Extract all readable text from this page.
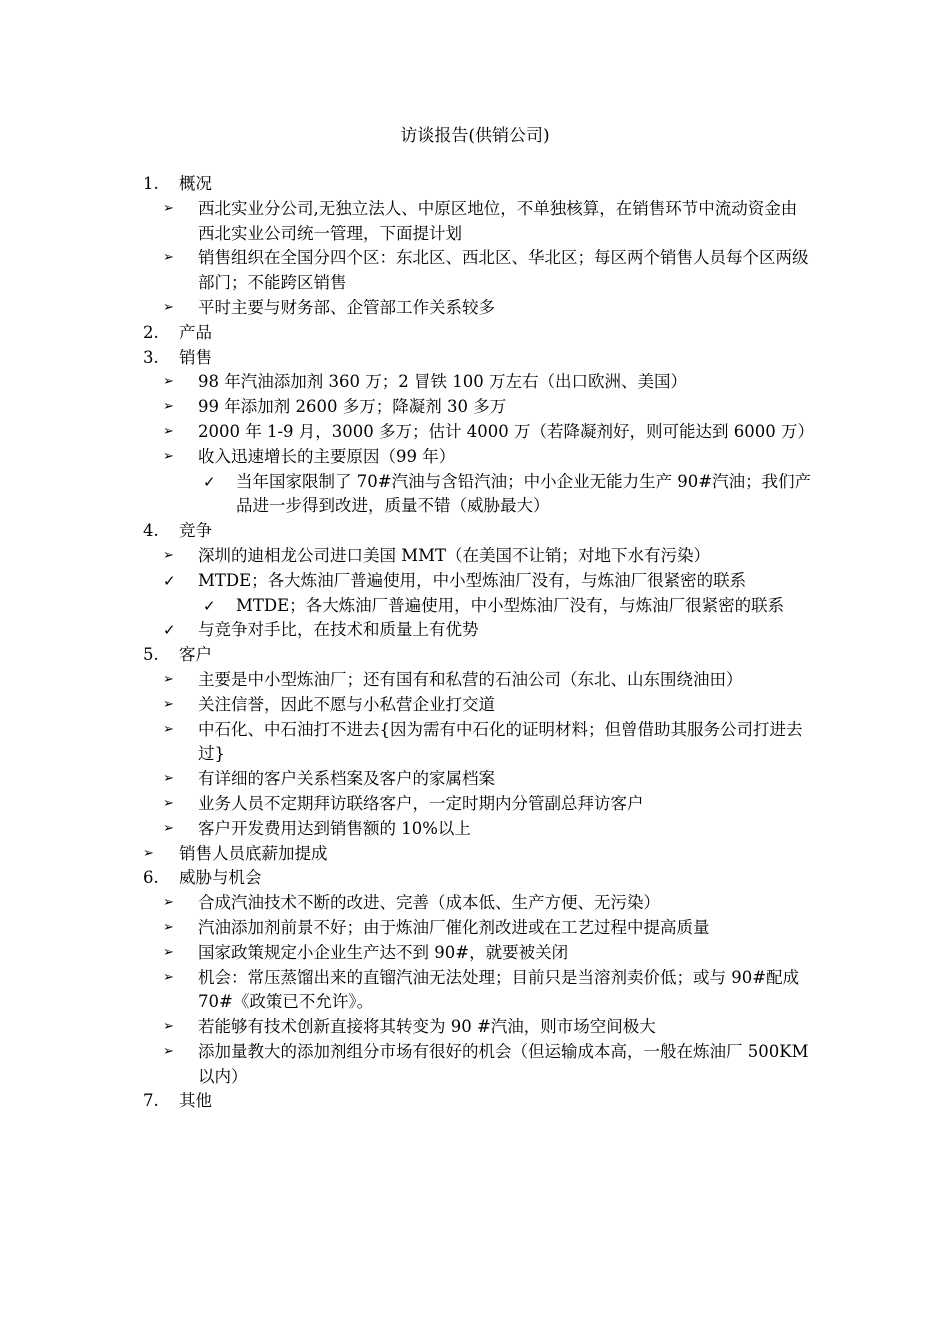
访谈报告(供销公司)
1. 概况
➢ 西北实业分公司,无独立法人、中原区地位，不单独核算，在销售环节中流动资金由西北实业公司统一管理，下面提计划
➢ 销售组织在全国分四个区：东北区、西北区、华北区；每区两个销售人员每个区两级部门；不能跨区销售
➢ 平时主要与财务部、企管部工作关系较多
2. 产品
3. 销售
➢ 98 年汽油添加剂 360 万；2 冒铁 100 万左右（出口欧洲、美国）
➢ 99 年添加剂 2600 多万；降凝剂 30 多万
➢ 2000 年 1-9 月，3000 多万；估计 4000 万（若降凝剂好，则可能达到 6000 万）
➢ 收入迅速增长的主要原因（99 年）
✓ 当年国家限制了 70#汽油与含铅汽油；中小企业无能力生产 90#汽油；我们产品进一步得到改进，质量不错（威胁最大）
4. 竞争
➢ 深圳的迪相龙公司进口美国 MMT（在美国不让销；对地下水有污染）
✓ MTDE；各大炼油厂普遍使用，中小型炼油厂没有，与炼油厂很紧密的联系
✓ MTDE；各大炼油厂普遍使用，中小型炼油厂没有，与炼油厂很紧密的联系
✓ 与竞争对手比，在技术和质量上有优势
5. 客户
➢ 主要是中小型炼油厂；还有国有和私营的石油公司（东北、山东围绕油田）
➢ 关注信誉，因此不愿与小私营企业打交道
➢ 中石化、中石油打不进去{因为需有中石化的证明材料；但曾借助其服务公司打进去过}
➢ 有详细的客户关系档案及客户的家属档案
➢ 业务人员不定期拜访联络客户，一定时期内分管副总拜访客户
➢ 客户开发费用达到销售额的 10%以上
➢ 销售人员底薪加提成
6. 威胁与机会
➢ 合成汽油技术不断的改进、完善（成本低、生产方便、无污染）
➢ 汽油添加剂前景不好；由于炼油厂催化剂改进或在工艺过程中提高质量
➢ 国家政策规定小企业生产达不到 90#，就要被关闭
➢ 机会：常压蒸馏出来的直镏汽油无法处理；目前只是当溶剂卖价低；或与 90#配成 70#《政策已不允许》。
➢ 若能够有技术创新直接将其转变为 90 #汽油，则市场空间极大
➢ 添加量教大的添加剂组分市场有很好的机会（但运输成本高，一般在炼油厂 500KM 以内）
7. 其他
